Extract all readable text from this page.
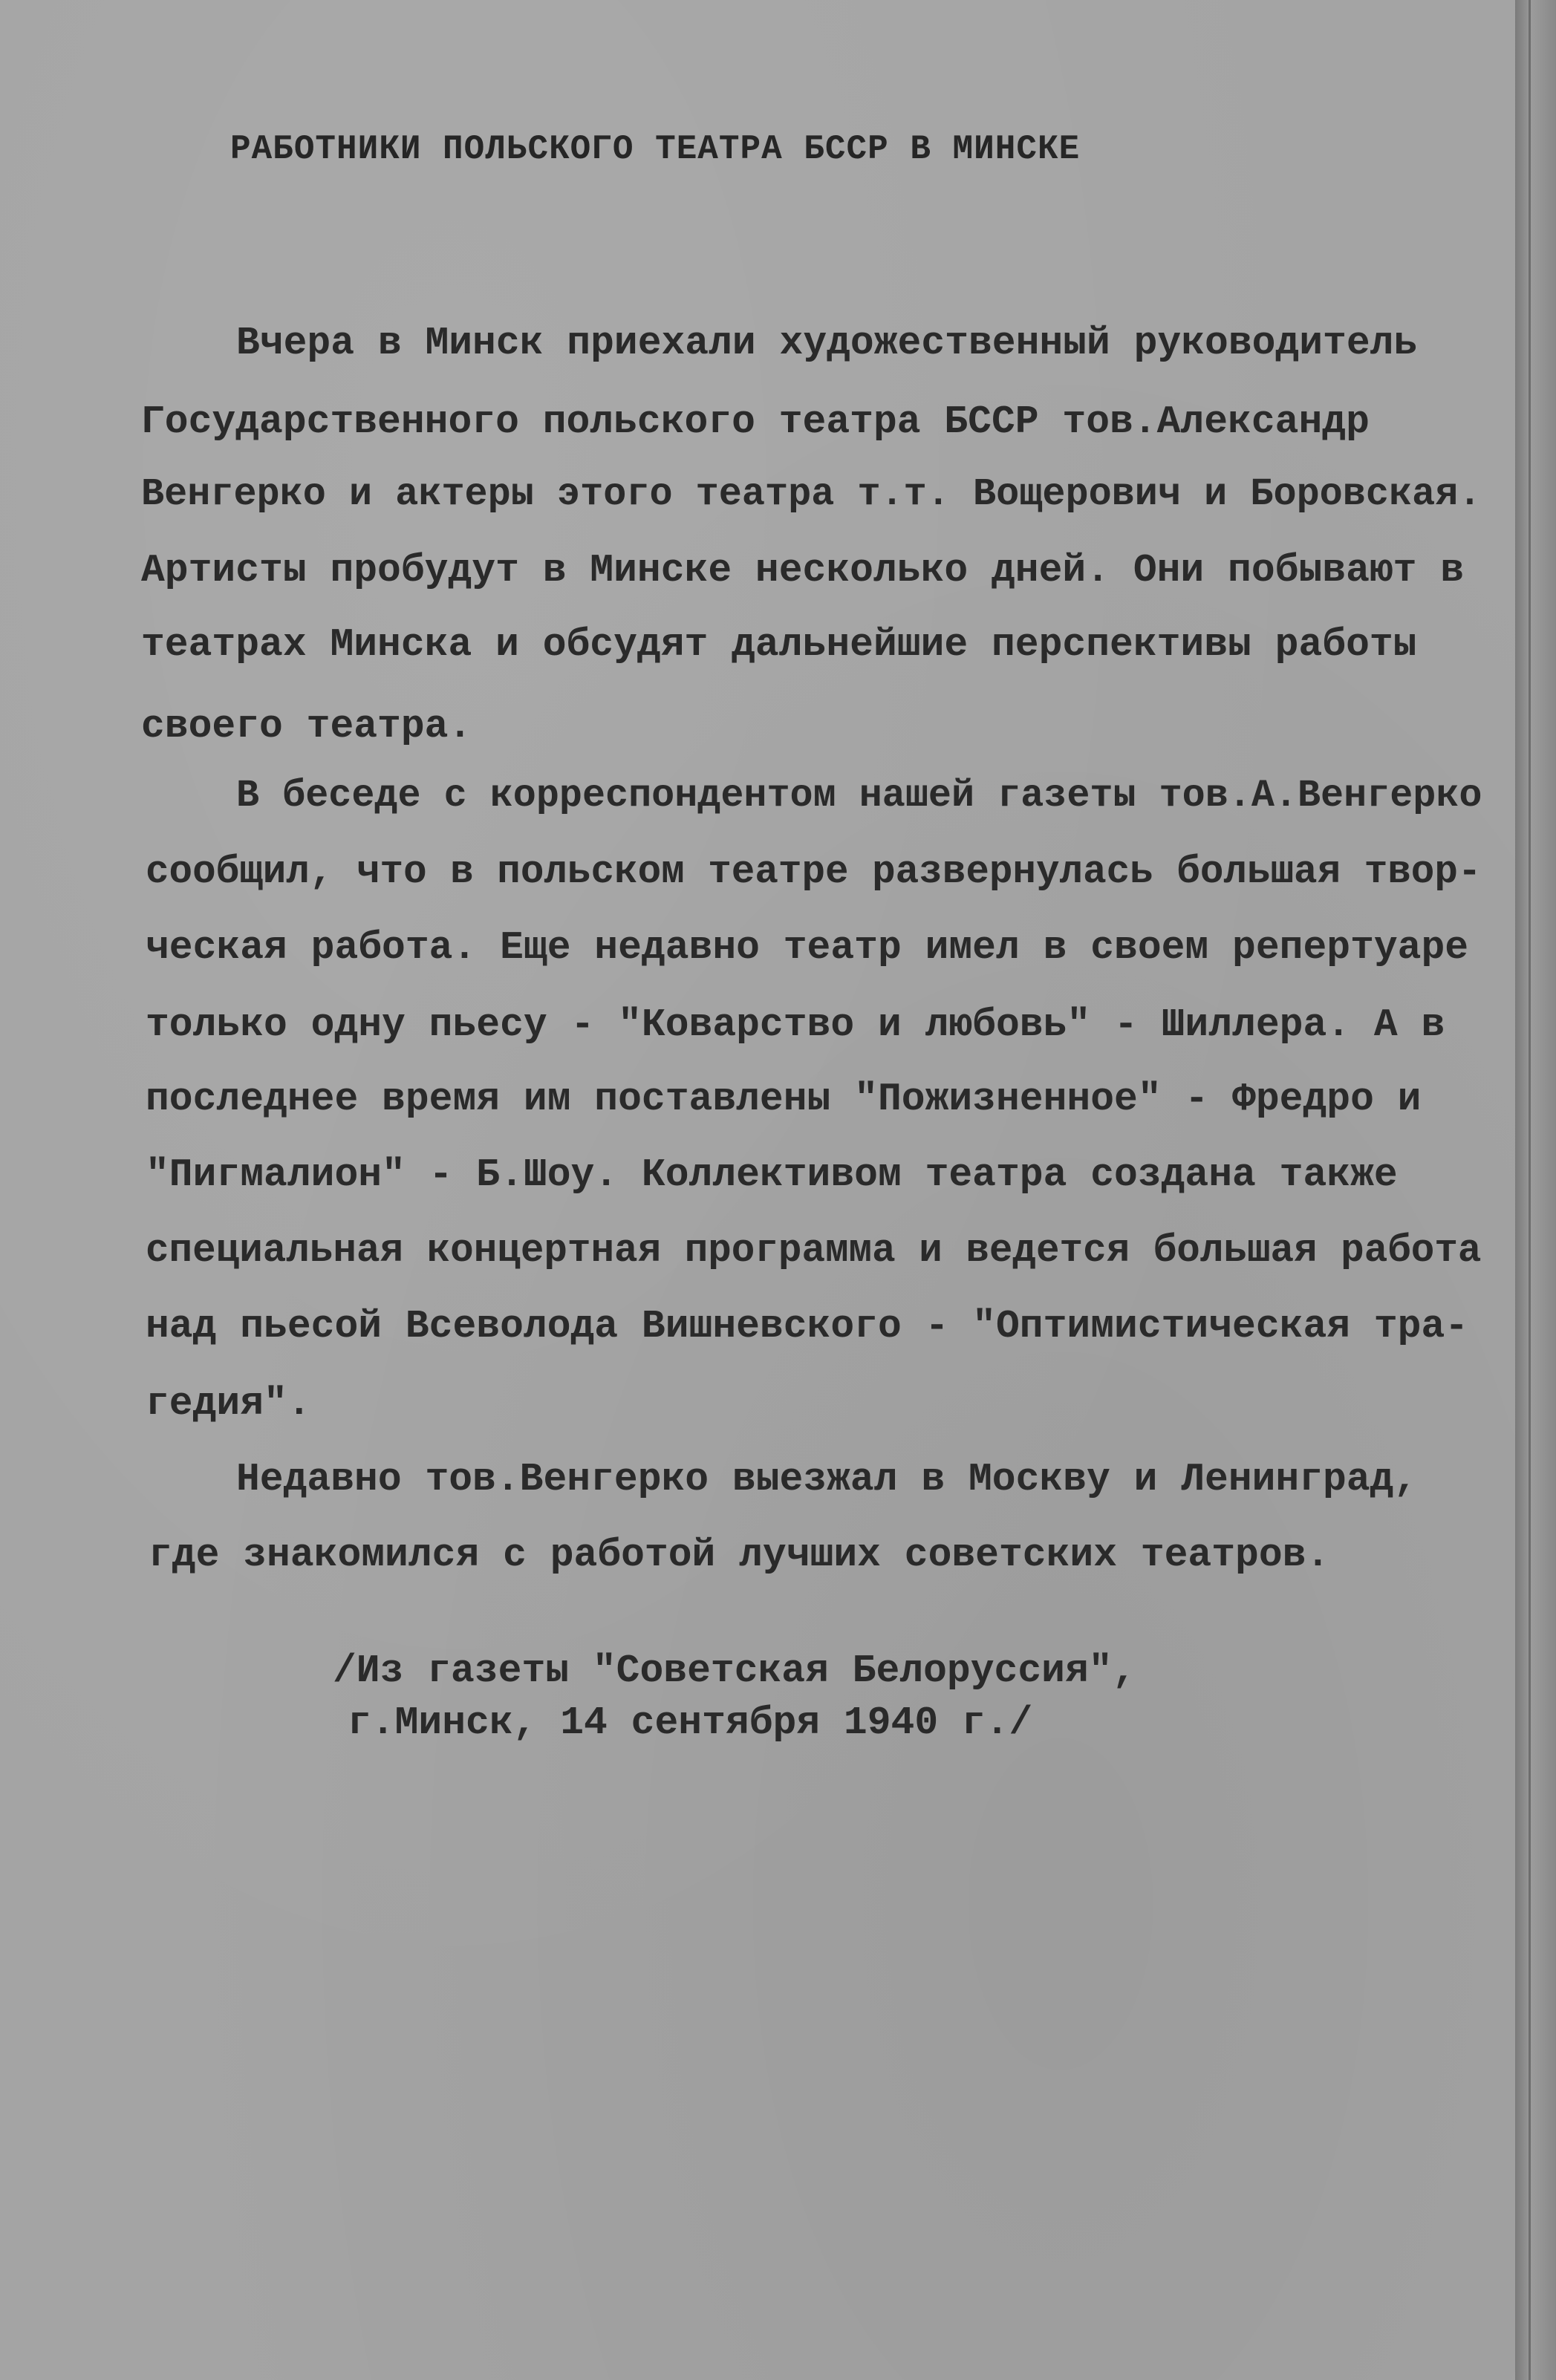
РАБОТНИКИ ПОЛЬСКОГО ТЕАТРА БССР В МИНСКЕ
Вчера в Минск приехали художественный руководитель
Государственного польского театра БССР тов.Александр
Венгерко и актеры этого театра т.т. Вощерович и Боровская.
Артисты пробудут в Минске несколько дней. Они побывают в
театрах Минска и обсудят дальнейшие перспективы работы
своего театра.
В беседе с корреспондентом нашей газеты тов.А.Венгерко
сообщил, что в польском театре развернулась большая твор-
ческая работа. Еще недавно театр имел в своем репертуаре
только одну пьесу - "Коварство и любовь" - Шиллера. А в
последнее время им поставлены "Пожизненное" - Фредро и
"Пигмалион" - Б.Шоу. Коллективом театра создана также
специальная концертная программа и ведется большая работа
над пьесой Всеволода Вишневского - "Оптимистическая тра-
гедия".
Недавно тов.Венгерко выезжал в Москву и Ленинград,
где знакомился с работой лучших советских театров.
/Из газеты "Советская Белоруссия",
г.Минск, 14 сентября 1940 г./
